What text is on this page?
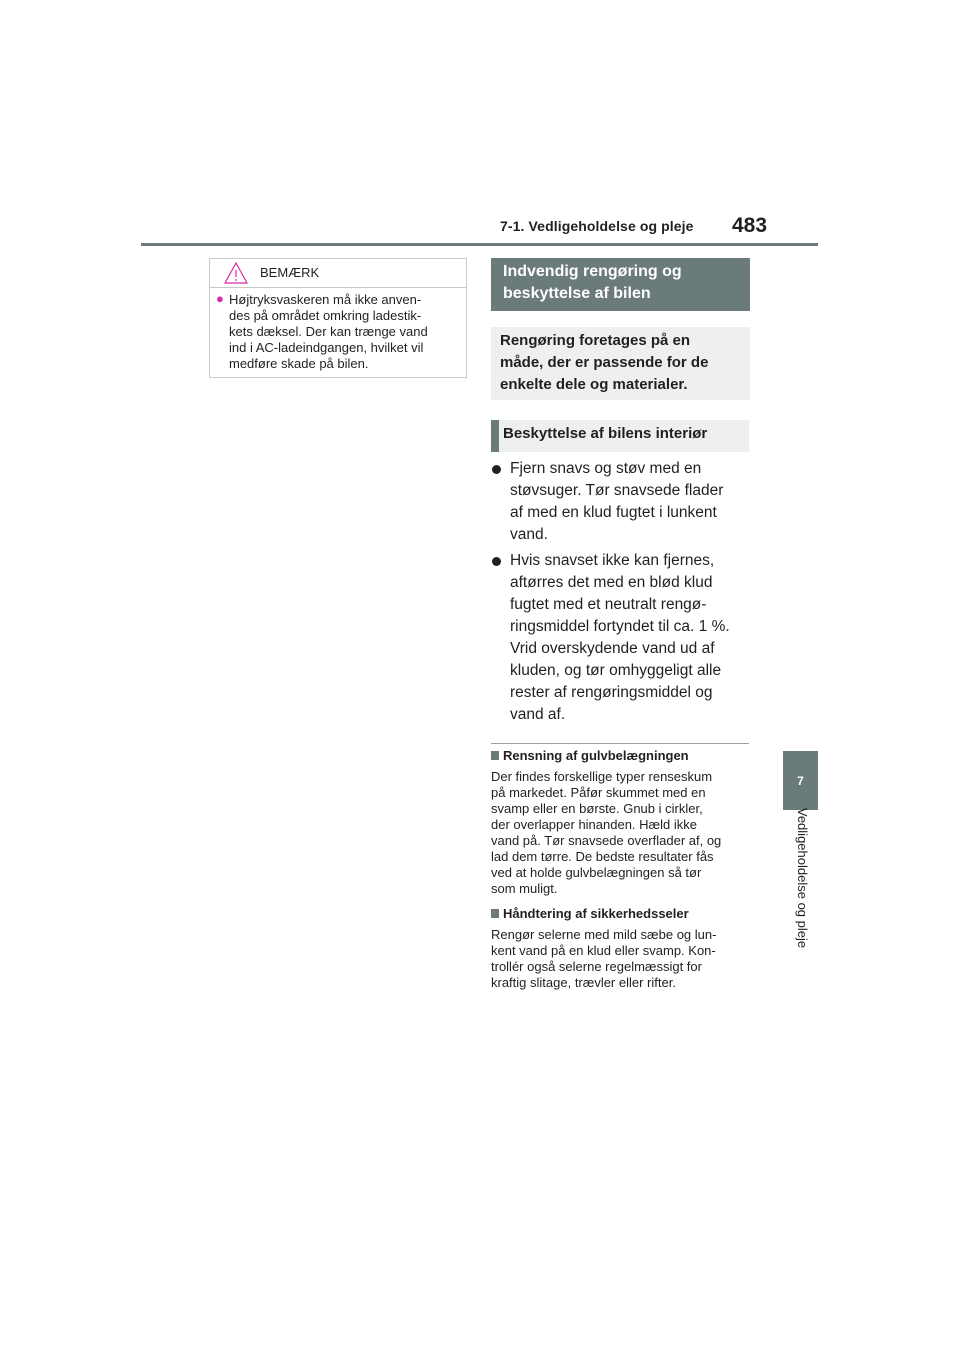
7-1. Vedligeholdelse og pleje 483
7
Vedligeholdelse og pleje
BEMÆRK
● Højtryksvaskeren må ikke anven-
des på området omkring ladestik-
kets dæksel. Der kan trænge vand
ind i AC-ladeindgangen, hvilket vil
medføre skade på bilen.
Indvendig rengøring og
beskyttelse af bilen
Rengøring foretages på en
måde, der er passende for de
enkelte dele og materialer.
Beskyttelse af bilens interiør
Fjern snavs og støv med en
støvsuger. Tør snavsede flader
af med en klud fugtet i lunkent
vand.
Hvis snavset ikke kan fjernes,
aftørres det med en blød klud
fugtet med et neutralt rengø-
ringsmiddel fortyndet til ca. 1 %.
Vrid overskydende vand ud af
kluden, og tør omhyggeligt alle
rester af rengøringsmiddel og
vand af.
Rensning af gulvbelægningen
Der findes forskellige typer renseskum
på markedet. Påfør skummet med en
svamp eller en børste. Gnub i cirkler,
der overlapper hinanden. Hæld ikke
vand på. Tør snavsede overflader af, og
lad dem tørre. De bedste resultater fås
ved at holde gulvbelægningen så tør
som muligt.
Håndtering af sikkerhedsseler
Rengør selerne med mild sæbe og lun-
kent vand på en klud eller svamp. Kon-
trollér også selerne regelmæssigt for
kraftig slitage, trævler eller rifter.
